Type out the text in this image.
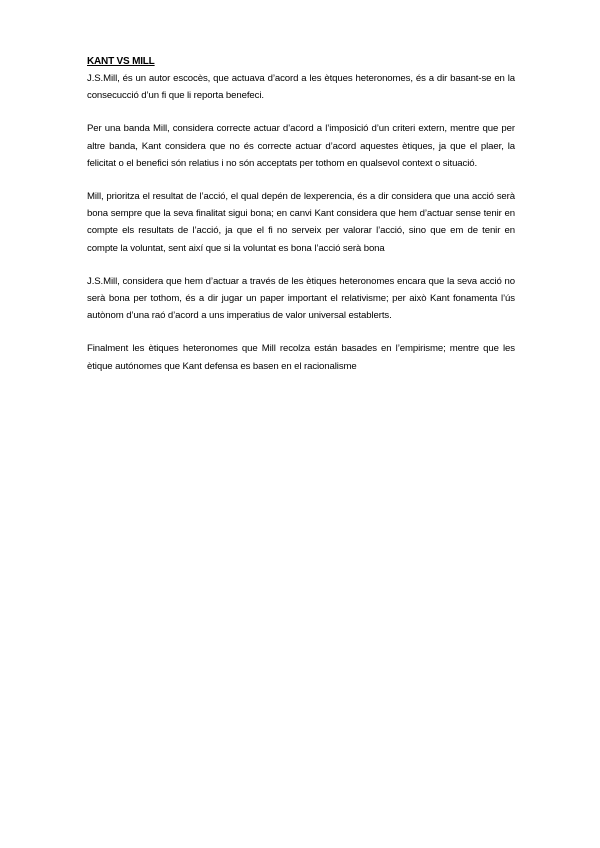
KANT VS MILL

J.S.Mill, és un autor escocès, que actuava d’acord a les ètques heteronomes, és a dir basant-se en la consecucció d’un fi que li reporta benefeci.

Per una banda Mill, considera correcte actuar d’acord a l’imposició d’un criteri extern, mentre que per altre banda, Kant considera que no és correcte actuar d’acord aquestes ètiques, ja que el plaer, la felicitat o el benefici són relatius i no són acceptats per tothom en qualsevol context o situació.

Mill, prioritza el resultat de l’acció, el qual depén de lexperencia, és a dir considera que una acció serà bona sempre que la seva finalitat sigui bona; en canvi Kant considera que hem d’actuar sense tenir en compte els resultats de l’acció, ja que el fi no serveix per valorar l’acció, sino que em de tenir en compte la voluntat, sent així que si la voluntat es bona l’acció serà bona

J.S.Mill, considera que hem d’actuar a través de les ètiques heteronomes encara que la seva acció no serà bona per tothom, és a dir jugar un paper important el relativisme; per això Kant fonamenta l’ús autònom d’una raó d’acord a uns imperatius de valor universal establerts.

Finalment les ètiques heteronomes que Mill recolza están basades en l’empirisme; mentre que les ètique autónomes que Kant defensa es basen en el racionalisme
